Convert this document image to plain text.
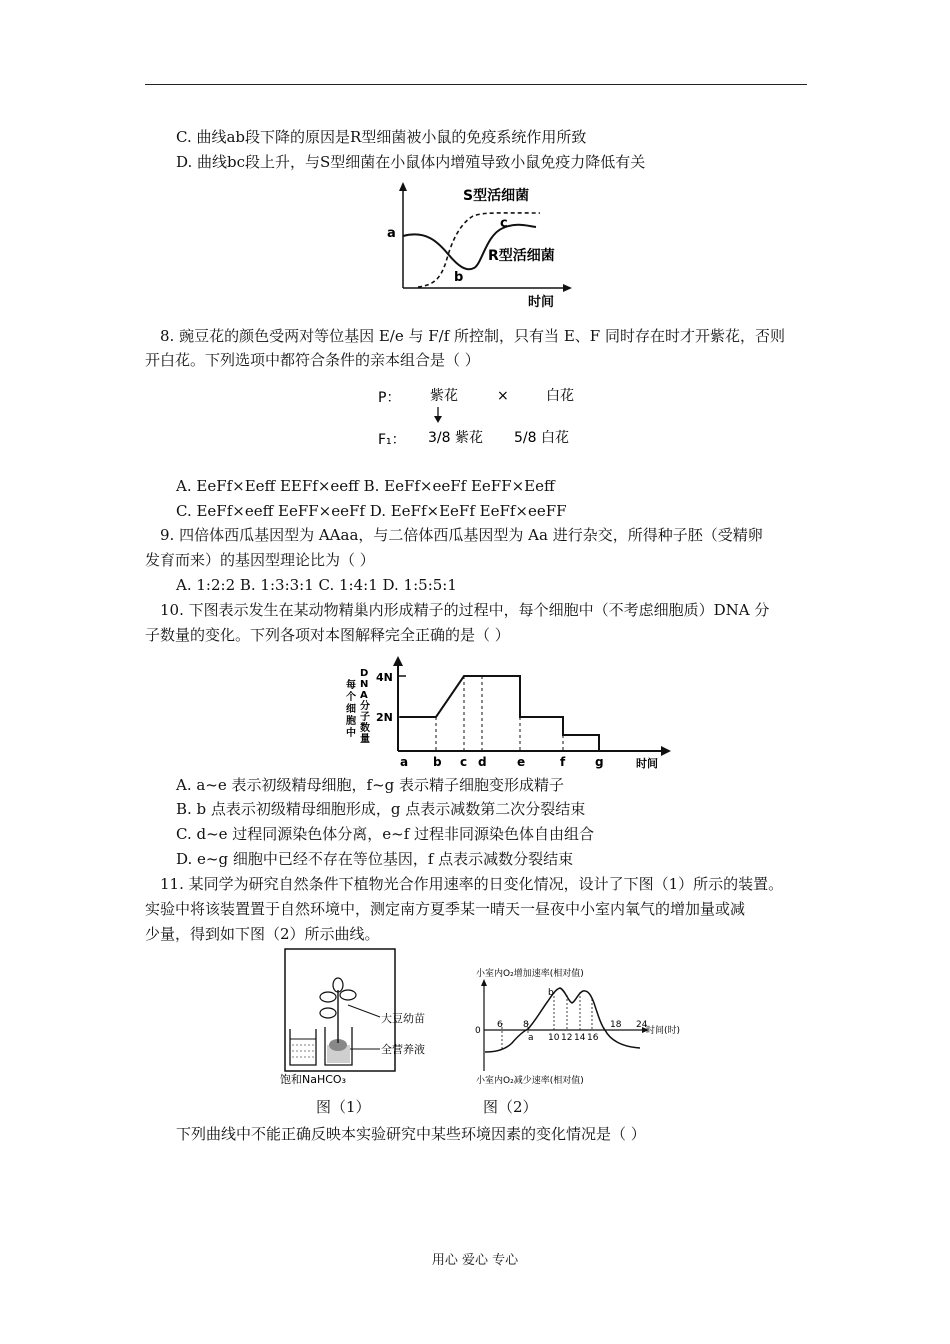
C. 曲线ab段下降的原因是R型细菌被小鼠的免疫系统作用所致
D. 曲线bc段上升，与S型细菌在小鼠体内增殖导致小鼠免疫力降低有关
a
b
c
S型活细菌
R型活细菌
时间
8. 豌豆花的颜色受两对等位基因 E/e 与 F/f 所控制，只有当 E、F 同时存在时才开紫花，否则
开白花。下列选项中都符合条件的亲本组合是（ ）
P： 紫花	×	白花
F₁： 3/8 紫花 5/8 白花
A. EeFf×Eeff EEFf×eeff B. EeFf×eeFf EeFF×Eeff
C. EeFf×eeff EeFF×eeFf D. EeFf×EeFf EeFf×eeFF
9. 四倍体西瓜基因型为 AAaa，与二倍体西瓜基因型为 Aa 进行杂交，所得种子胚（受精卵
发育而来）的基因型理论比为（ ）
A. 1:2:2 B. 1:3:3:1 C. 1:4:1 D. 1:5:5:1
10. 下图表示发生在某动物精巢内形成精子的过程中，每个细胞中（不考虑细胞质）DNA 分
子数量的变化。下列各项对本图解释完全正确的是（ ）
每
个
细
胞
中
D
N
A
分
子
数
量
4N
2N
a b c d	e	f g	时间
A. a~e 表示初级精母细胞，f~g 表示精子细胞变形成精子
B. b 点表示初级精母细胞形成，g 点表示减数第二次分裂结束
C. d~e 过程同源染色体分离，e~f 过程非同源染色体自由组合
D. e~g 细胞中已经不存在等位基因，f 点表示减数分裂结束
11. 某同学为研究自然条件下植物光合作用速率的日变化情况，设计了下图（1）所示的装置。
实验中将该装置置于自然环境中，测定南方夏季某一晴天一昼夜中小室内氧气的增加量或减
少量，得到如下图（2）所示曲线。
大豆幼苗
全营养液
饱和NaHCO₃
小室内O₂增加速率(相对值)
小室内O₂减少速率(相对值)
0
6 8
10 12 14 16
18 24
a
b
时间(时)
图（1）	图（2）
下列曲线中不能正确反映本实验研究中某些环境因素的变化情况是（ ）
用心 爱心 专心
